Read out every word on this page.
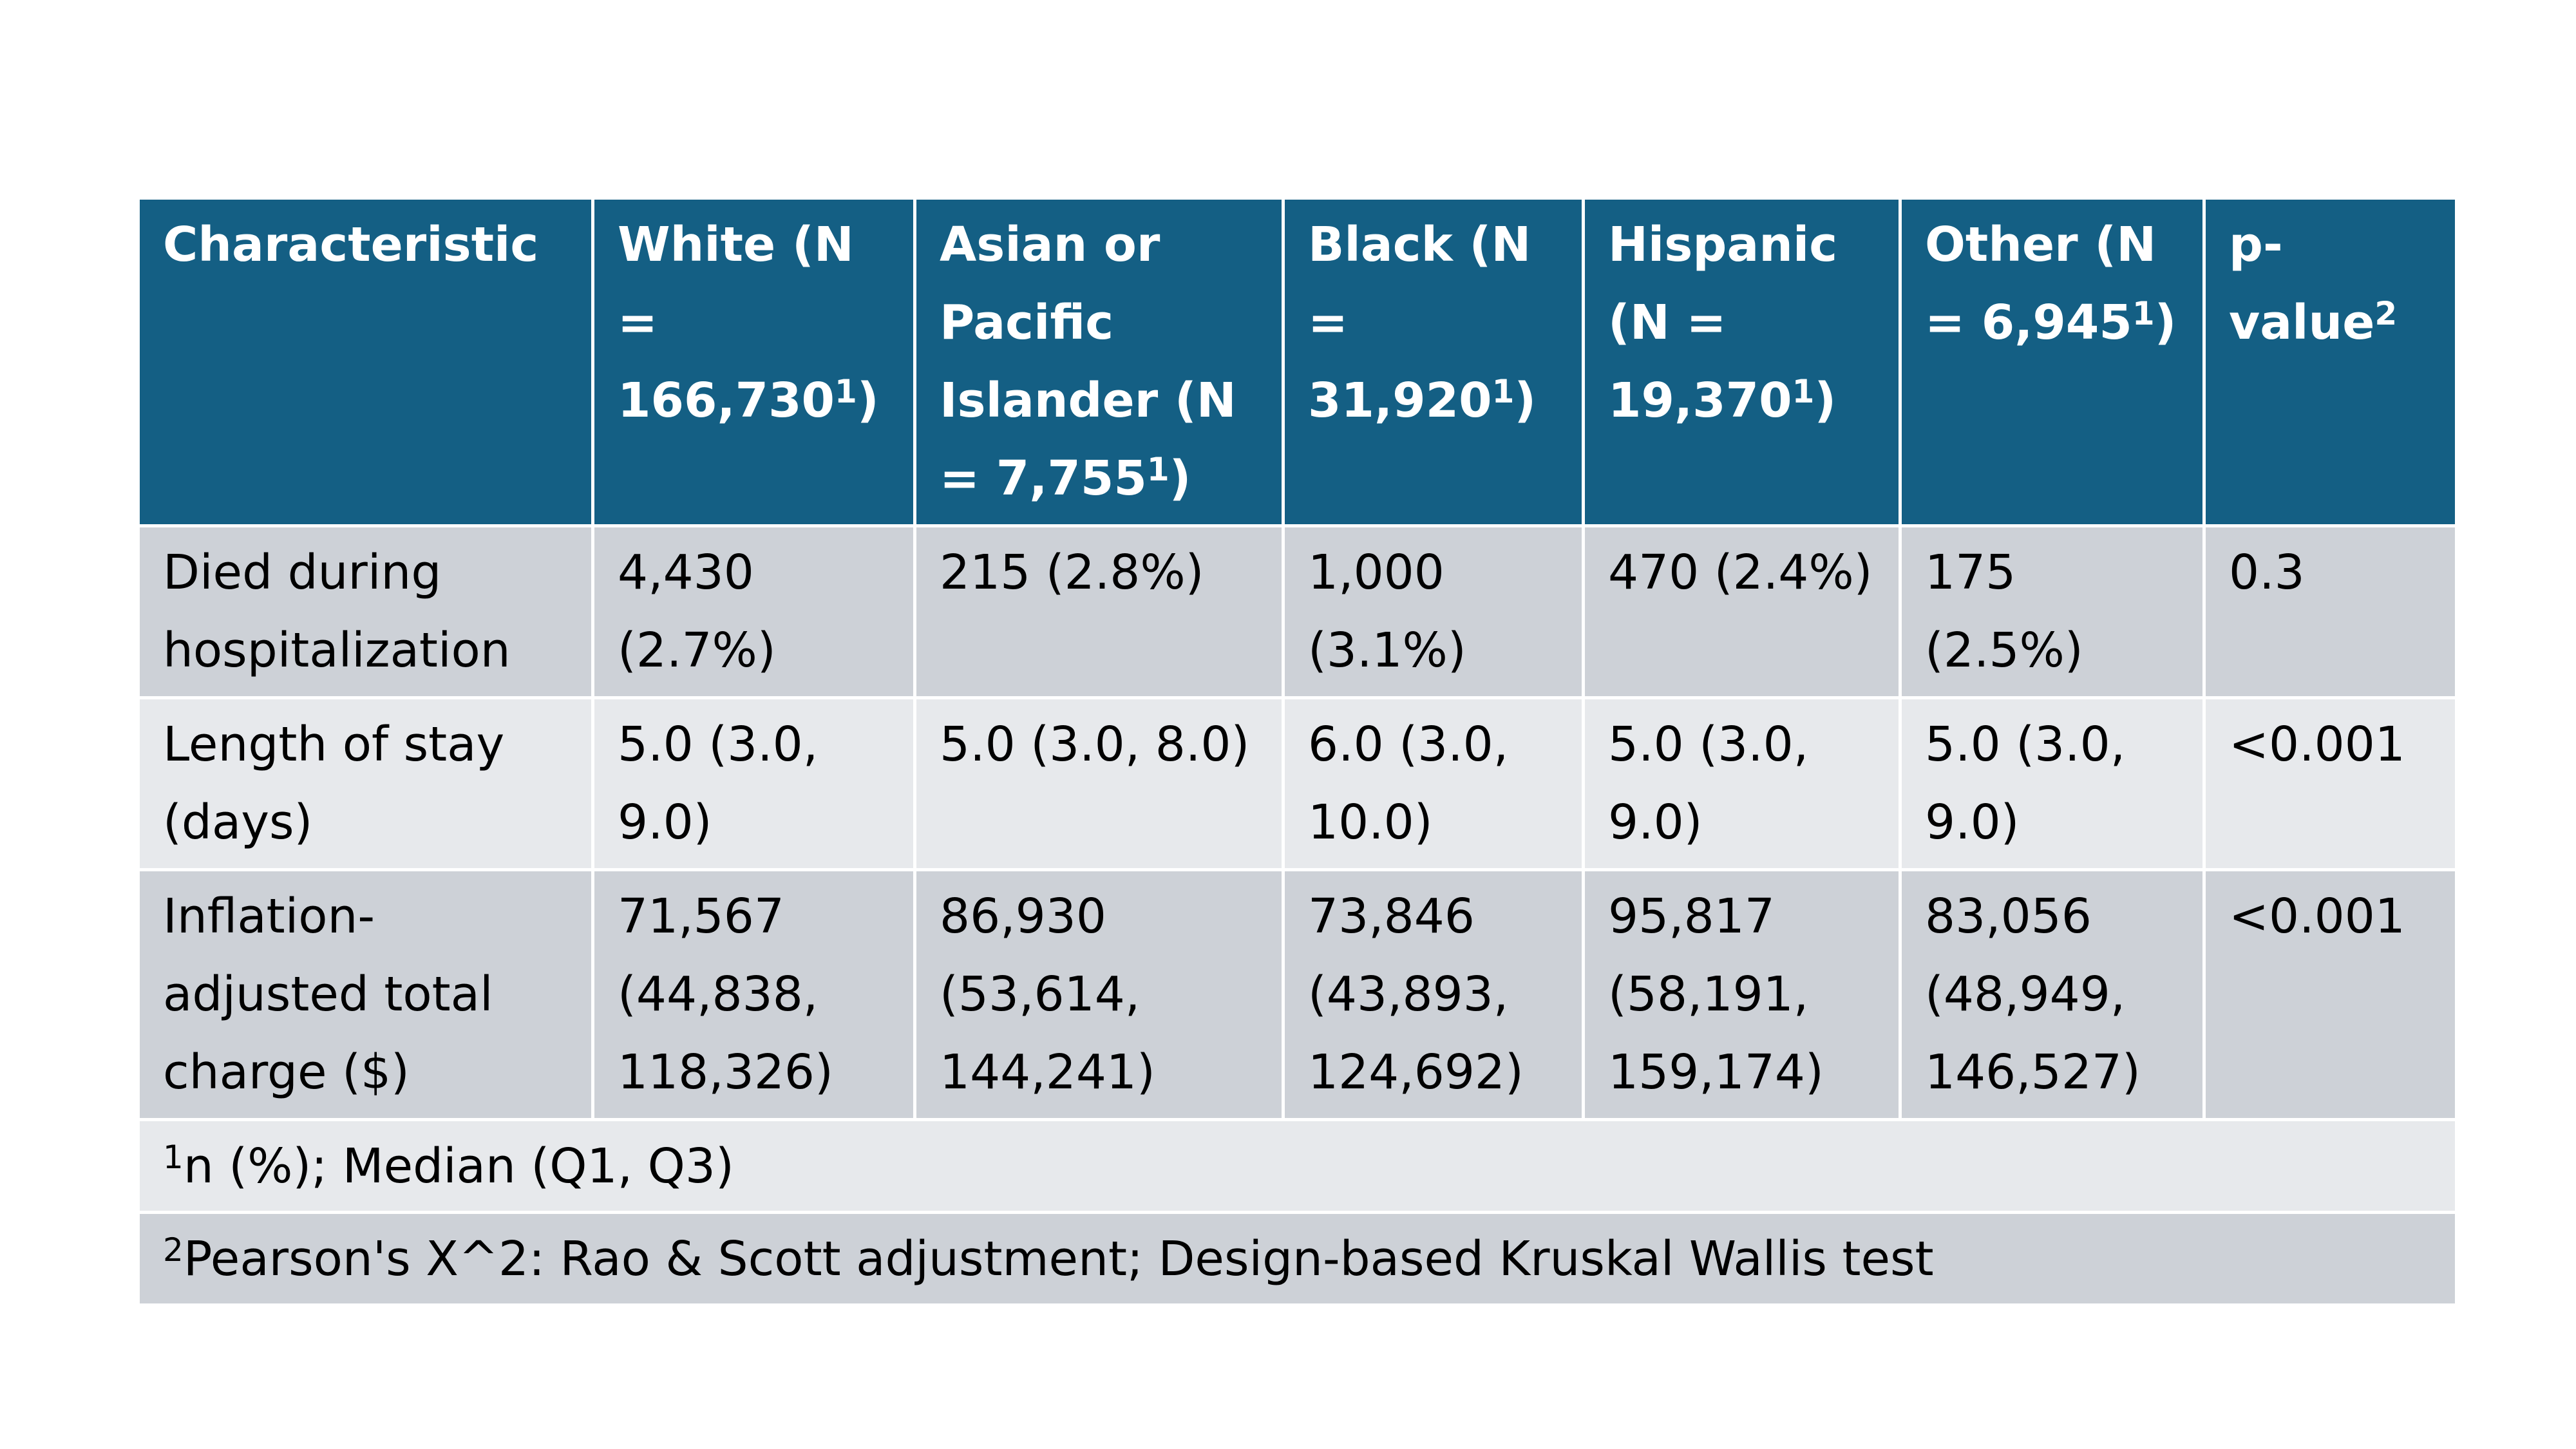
Characteristic	White $(N = 166,730^1)$	Asian or Pacific Islander $(N = 7,755^1)$	Black $(N = 31,920^1)$	Hispanic $(N = 19,370^1)$	Other $(N = 6,945^1)$	p-value$^2$
Died during hospitalization	4,430 (2.7%)	215 (2.8%)	1,000 (3.1%)	470 (2.4%)	175 (2.5%)	0.3
Length of stay (days)	5.0 (3.0, 9.0)	5.0 (3.0, 8.0)	6.0 (3.0, 10.0)	5.0 (3.0, 9.0)	5.0 (3.0, 9.0)	<0.001
Inflation-adjusted total charge ($)	71,567 (44,838, 118,326)	86,930 (53,614, 144,241)	73,846 (43,893, 124,692)	95,817 (58,191, 159,174)	83,056 (48,949, 146,527)	<0.001
$^1$n (%); Median (Q1, Q3)						
$^2$Pearson's X^2: Rao & Scott adjustment; Design-based Kruskal Wallis test						
